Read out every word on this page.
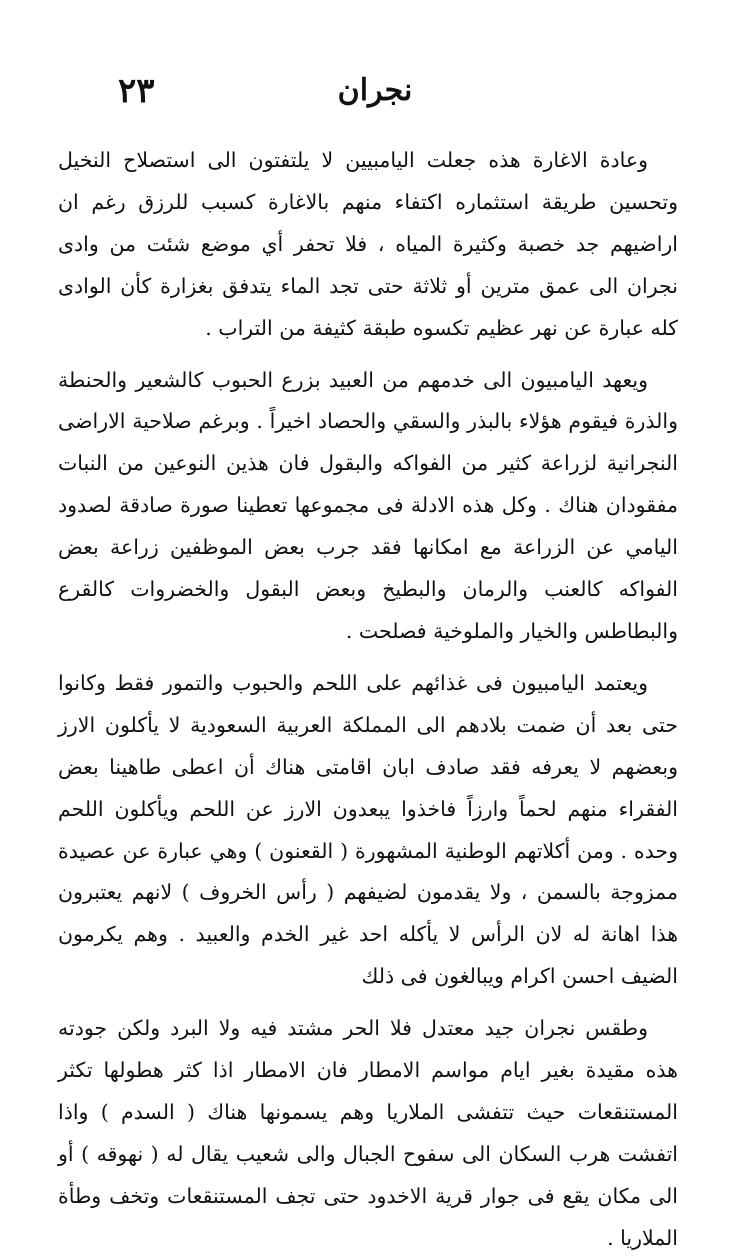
نجران
٢٣

وعادة الاغارة هذه جعلت اليامبيين لا يلتفتون الى استصلاح النخيل وتحسين طريقة استثماره اكتفاء منهم بالاغارة كسبب للرزق رغم ان اراضيهم جد خصبة وكثيرة المياه ، فلا تحفر أي موضع شئت من وادى نجران الى عمق مترين أو ثلاثة حتى تجد الماء يتدفق بغزارة كأن الوادى كله عبارة عن نهر عظيم تكسوه طبقة كثيفة من التراب .

ويعهد اليامبيون الى خدمهم من العبيد بزرع الحبوب كالشعير والحنطة والذرة فيقوم هؤلاء بالبذر والسقي والحصاد اخيراً . وبرغم صلاحية الاراضى النجرانية لزراعة كثير من الفواكه والبقول فان هذين النوعين من النبات مفقودان هناك . وكل هذه الادلة فى مجموعها تعطينا صورة صادقة لصدود اليامي عن الزراعة مع امكانها فقد جرب بعض الموظفين زراعة بعض الفواكه كالعنب والرمان والبطيخ وبعض البقول والخضروات كالقرع والبطاطس والخيار والملوخية فصلحت .

ويعتمد اليامبيون فى غذائهم على اللحم والحبوب والتمور فقط وكانوا حتى بعد أن ضمت بلادهم الى المملكة العربية السعودية لا يأكلون الارز وبعضهم لا يعرفه فقد صادف ابان اقامتى هناك أن اعطى طاهينا بعض الفقراء منهم لحماً وارزاً فاخذوا يبعدون الارز عن اللحم ويأكلون اللحم وحده . ومن أكلاتهم الوطنية المشهورة ( القعنون ) وهي عبارة عن عصيدة ممزوجة بالسمن ، ولا يقدمون لضيفهم ( رأس الخروف ) لانهم يعتبرون هذا اهانة له لان الرأس لا يأكله احد غير الخدم والعبيد . وهم يكرمون الضيف احسن اكرام ويبالغون فى ذلك

وطقس نجران جيد معتدل فلا الحر مشتد فيه ولا البرد ولكن جودته هذه مقيدة بغير ايام مواسم الامطار فان الامطار اذا كثر هطولها تكثر المستنقعات حيث تتفشى الملاريا وهم يسمونها هناك ( السدم ) واذا اتفشت هرب السكان الى سفوح الجبال والى شعيب يقال له ( نهوقه ) أو الى مكان يقع فى جوار قرية الاخدود حتى تجف المستنقعات وتخف وطأة الملاريا .
